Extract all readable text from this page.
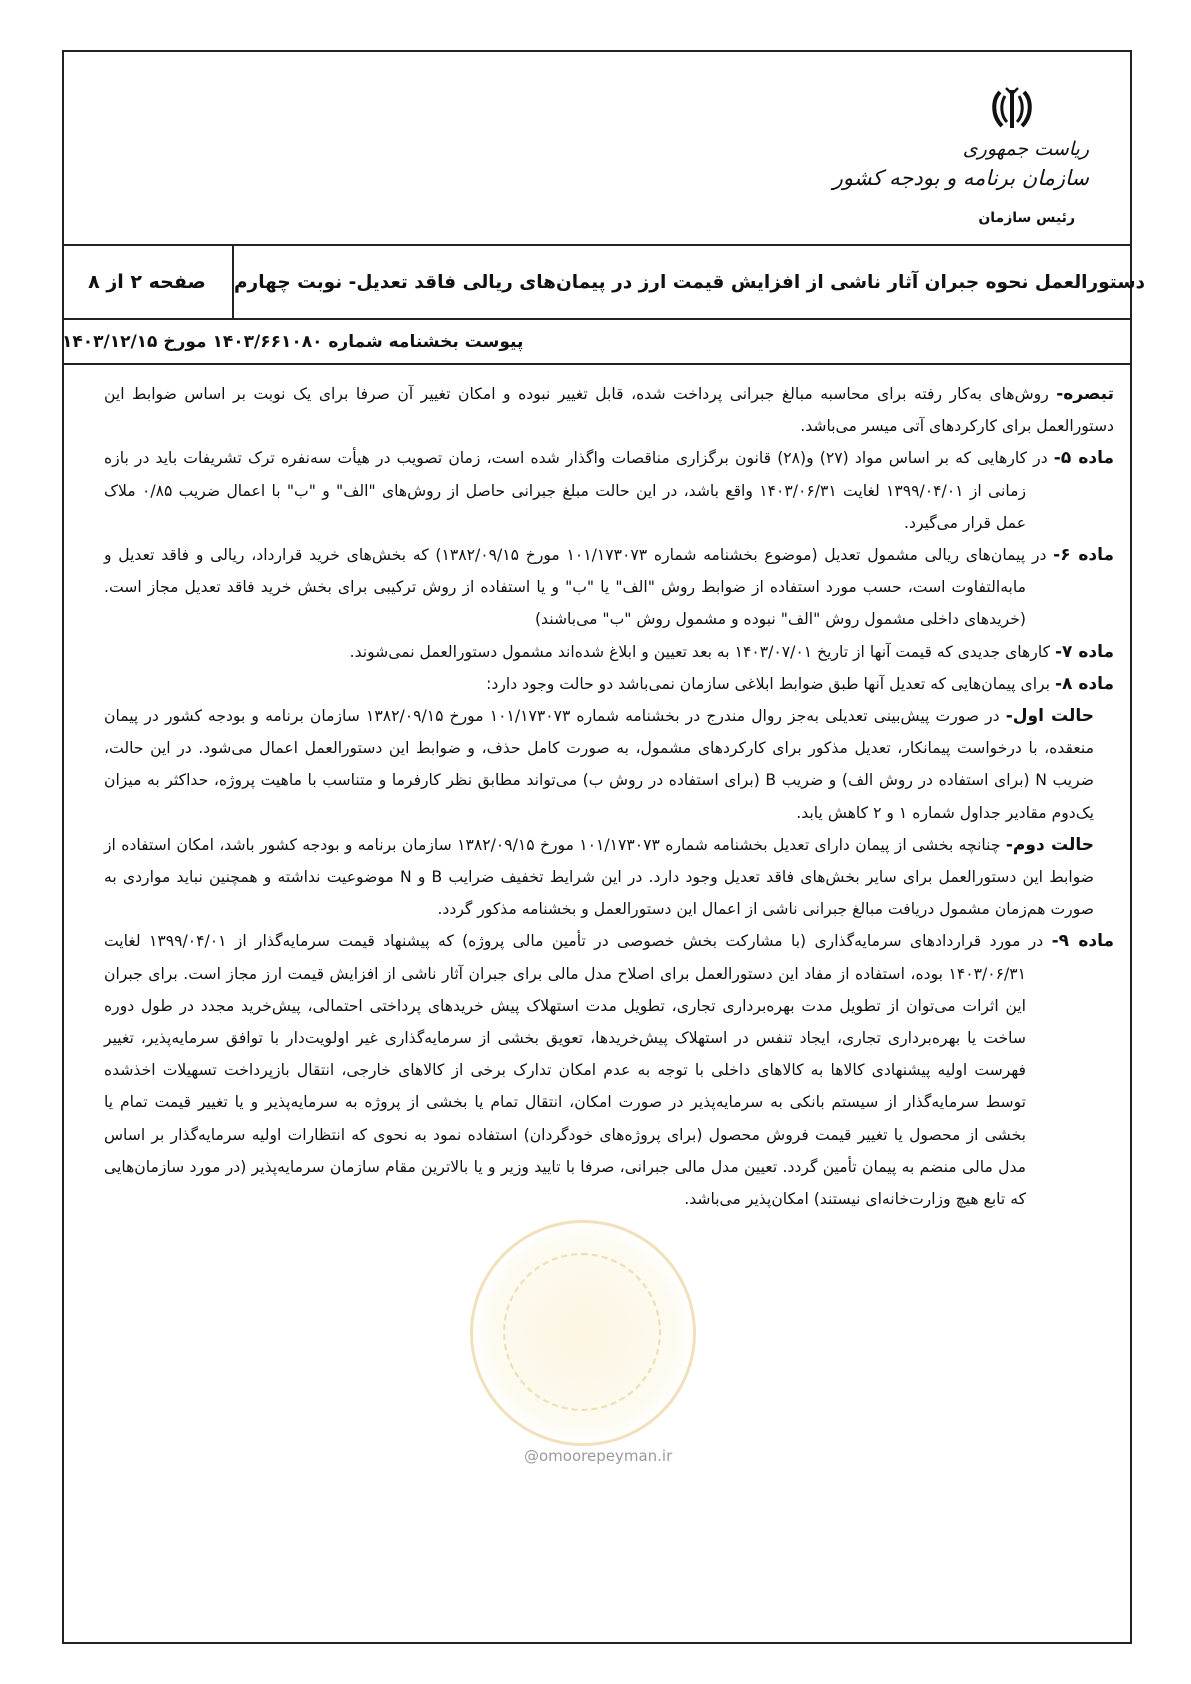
ریاست جمهوری
سازمان برنامه و بودجه کشور
رئیس سازمان
صفحه ۲ از ۸	دستورالعمل نحوه جبران آثار ناشی از افزایش قیمت ارز در پیمان‌های ریالی فاقد تعدیل- نوبت چهارم
پیوست بخشنامه شماره ۱۴۰۳/۶۶۱۰۸۰ مورخ ۱۴۰۳/۱۲/۱۵
@omoorepeyman.ir

تبصره- روش‌های به‌کار رفته برای محاسبه مبالغ جبرانی پرداخت شده، قابل تغییر نبوده و امکان تغییر آن صرفا برای یک نوبت بر اساس ضوابط این دستورالعمل برای کارکردهای آتی میسر می‌باشد.

ماده ۵- در کارهایی که بر اساس مواد (۲۷) و(۲۸) قانون برگزاری مناقصات واگذار شده است، زمان تصویب در هیأت سه‌نفره ترک تشریفات باید در بازه زمانی از ۱۳۹۹/۰۴/۰۱ لغایت ۱۴۰۳/۰۶/۳۱ واقع باشد، در این حالت مبلغ جبرانی حاصل از روش‌های "الف" و "ب" با اعمال ضریب ۰/۸۵ ملاک عمل قرار می‌گیرد.

ماده ۶- در پیمان‌های ریالی مشمول تعدیل (موضوع بخشنامه شماره ۱۰۱/۱۷۳۰۷۳ مورخ ۱۳۸۲/۰۹/۱۵) که بخش‌های خرید قرارداد، ریالی و فاقد تعدیل و مابه‌التفاوت است، حسب مورد استفاده از ضوابط روش "الف" یا "ب" و یا استفاده از روش ترکیبی برای بخش خرید فاقد تعدیل مجاز است. (خریدهای داخلی مشمول روش "الف" نبوده و مشمول روش "ب" می‌باشند)

ماده ۷- کارهای جدیدی که قیمت آنها از تاریخ ۱۴۰۳/۰۷/۰۱ به بعد تعیین و ابلاغ شده‌اند مشمول دستورالعمل نمی‌شوند.

ماده ۸- برای پیمان‌هایی که تعدیل آنها طبق ضوابط ابلاغی سازمان نمی‌باشد دو حالت وجود دارد:

حالت اول- در صورت پیش‌بینی تعدیلی به‌جز روال مندرج در بخشنامه شماره ۱۰۱/۱۷۳۰۷۳ مورخ ۱۳۸۲/۰۹/۱۵ سازمان برنامه و بودجه کشور در پیمان منعقده، با درخواست پیمانکار، تعدیل مذکور برای کارکردهای مشمول، به صورت کامل حذف، و ضوابط این دستورالعمل اعمال می‌شود. در این حالت، ضریب N (برای استفاده در روش الف) و ضریب B (برای استفاده در روش ب) می‌تواند مطابق نظر کارفرما و متناسب با ماهیت پروژه، حداکثر به میزان یک‌دوم مقادیر جداول شماره ۱ و ۲ کاهش یابد.

حالت دوم- چنانچه بخشی از پیمان دارای تعدیل بخشنامه شماره ۱۰۱/۱۷۳۰۷۳ مورخ ۱۳۸۲/۰۹/۱۵ سازمان برنامه و بودجه کشور باشد، امکان استفاده از ضوابط این دستورالعمل برای سایر بخش‌های فاقد تعدیل وجود دارد. در این شرایط تخفیف ضرایب B و N موضوعیت نداشته و همچنین نباید مواردی به صورت هم‌زمان مشمول دریافت مبالغ جبرانی ناشی از اعمال این دستورالعمل و بخشنامه مذکور گردد.

ماده ۹- در مورد قراردادهای سرمایه‌گذاری (با مشارکت بخش خصوصی در تأمین مالی پروژه) که پیشنهاد قیمت سرمایه‌گذار از ۱۳۹۹/۰۴/۰۱ لغایت ۱۴۰۳/۰۶/۳۱ بوده، استفاده از مفاد این دستورالعمل برای اصلاح مدل مالی برای جبران آثار ناشی از افزایش قیمت ارز مجاز است. برای جبران این اثرات می‌توان از تطویل مدت بهره‌برداری تجاری، تطویل مدت استهلاک پیش خریدهای پرداختی احتمالی، پیش‌خرید مجدد در طول دوره ساخت یا بهره‌برداری تجاری، ایجاد تنفس در استهلاک پیش‌خریدها، تعویق بخشی از سرمایه‌گذاری غیر اولویت‌دار با توافق سرمایه‌پذیر، تغییر فهرست اولیه پیشنهادی کالاها به کالاهای داخلی با توجه به عدم امکان تدارک برخی از کالاهای خارجی، انتقال بازپرداخت تسهیلات اخذشده توسط سرمایه‌گذار از سیستم بانکی به سرمایه‌پذیر در صورت امکان، انتقال تمام یا بخشی از پروژه به سرمایه‌پذیر و یا تغییر قیمت تمام یا بخشی از محصول یا تغییر قیمت فروش محصول (برای پروژه‌های خودگردان) استفاده نمود به نحوی که انتظارات اولیه سرمایه‌گذار بر اساس مدل مالی منضم به پیمان تأمین گردد. تعیین مدل مالی جبرانی، صرفا با تایید وزیر و یا بالاترین مقام سازمان سرمایه‌پذیر (در مورد سازمان‌هایی که تابع هیچ وزارت‌خانه‌ای نیستند) امکان‌پذیر می‌باشد.
